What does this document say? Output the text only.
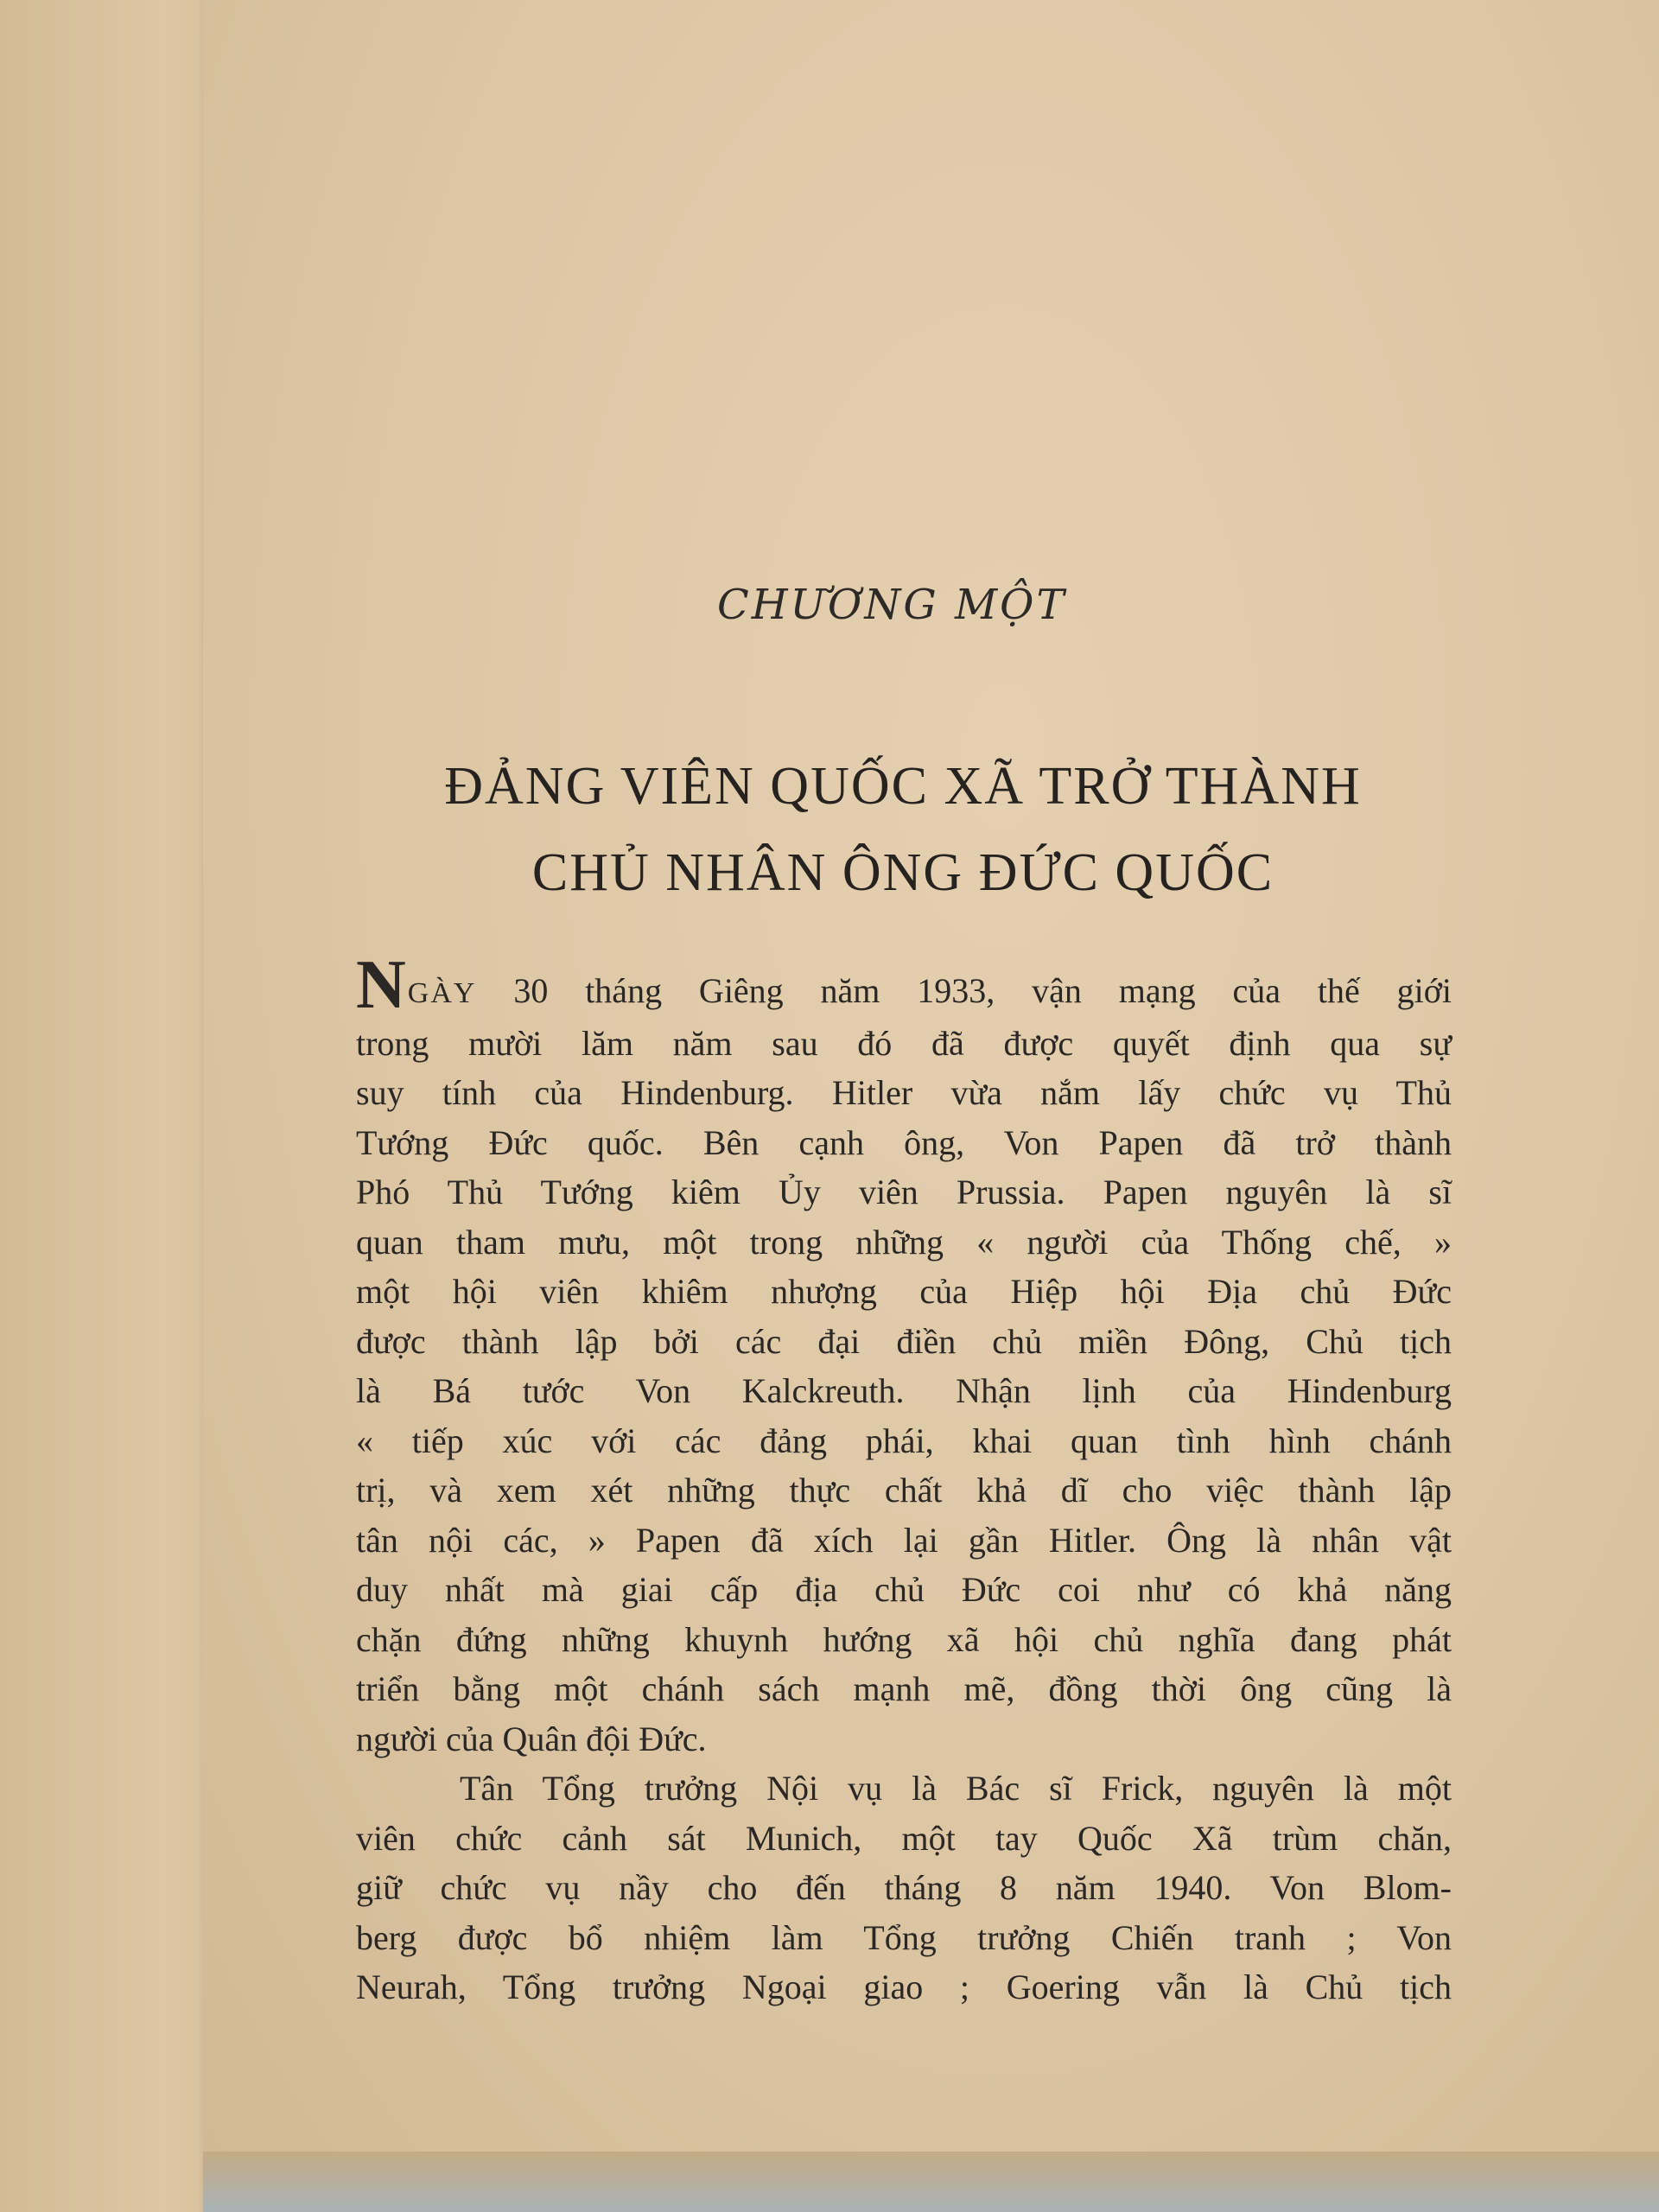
CHƯƠNG MỘT
ĐẢNG VIÊN QUỐC XÃ TRỞ THÀNH
CHỦ NHÂN ÔNG ĐỨC QUỐC
NGÀY 30 tháng Giêng năm 1933, vận mạng của thế giới
trong mười lăm năm sau đó đã được quyết định qua sự
suy tính của Hindenburg. Hitler vừa nắm lấy chức vụ Thủ
Tướng Đức quốc. Bên cạnh ông, Von Papen đã trở thành
Phó Thủ Tướng kiêm Ủy viên Prussia. Papen nguyên là sĩ
quan tham mưu, một trong những « người của Thống chế, »
một hội viên khiêm nhượng của Hiệp hội Địa chủ Đức
được thành lập bởi các đại điền chủ miền Đông, Chủ tịch
là Bá tước Von Kalckreuth. Nhận lịnh của Hindenburg
« tiếp xúc với các đảng phái, khai quan tình hình chánh
trị, và xem xét những thực chất khả dĩ cho việc thành lập
tân nội các, » Papen đã xích lại gần Hitler. Ông là nhân vật
duy nhất mà giai cấp địa chủ Đức coi như có khả năng
chặn đứng những khuynh hướng xã hội chủ nghĩa đang phát
triển bằng một chánh sách mạnh mẽ, đồng thời ông cũng là
người của Quân đội Đức.
Tân Tổng trưởng Nội vụ là Bác sĩ Frick, nguyên là một
viên chức cảnh sát Munich, một tay Quốc Xã trùm chăn,
giữ chức vụ nầy cho đến tháng 8 năm 1940. Von Blom-
berg được bổ nhiệm làm Tổng trưởng Chiến tranh ; Von
Neurah, Tổng trưởng Ngoại giao ; Goering vẫn là Chủ tịch
